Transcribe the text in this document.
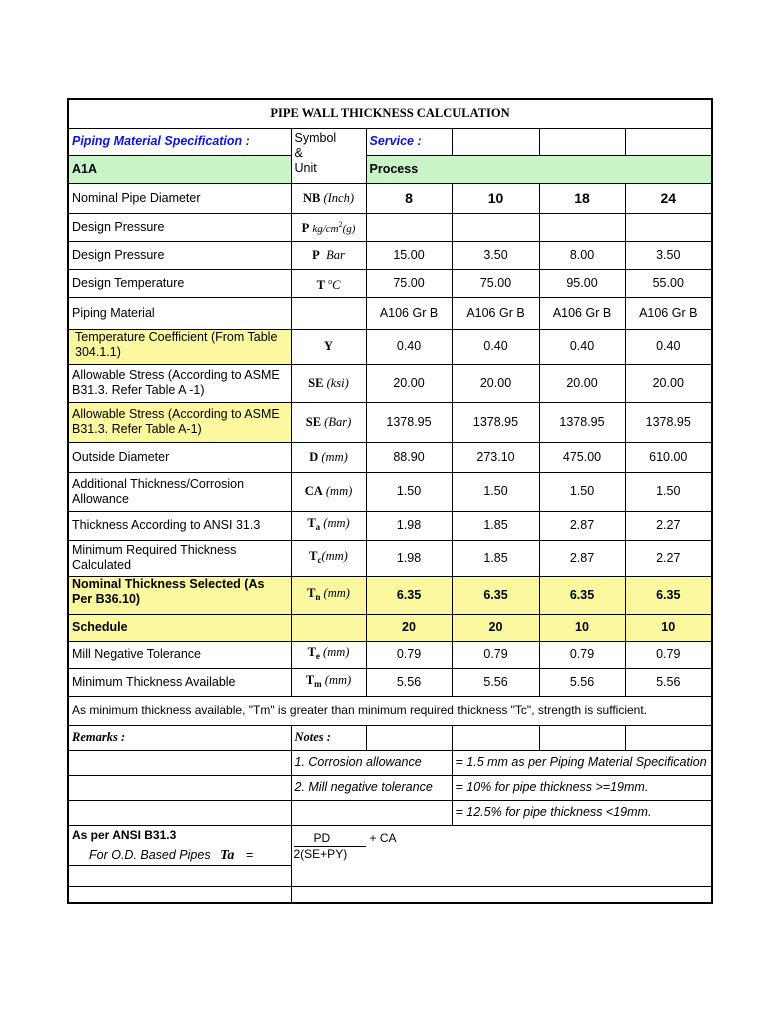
PIPE WALL THICKNESS CALCULATION					
Piping Material Specification :	Symbol
&
Unit	Service :			
A1A		Process			
Nominal Pipe Diameter	NB (Inch)	8	10	18	24
Design Pressure	P $kg/cm^2(g)$				
Design Pressure	P Bar	15.00	3.50	8.00	3.50
Design Temperature	T $^o$C	75.00	75.00	95.00	55.00
Piping Material		A106 Gr B	A106 Gr B	A106 Gr B	A106 Gr B
Temperature Coefficient (From Table 304.1.1)	Y	0.40	0.40	0.40	0.40
Allowable Stress (According to ASME B31.3. Refer Table A -1)	SE (ksi)	20.00	20.00	20.00	20.00
Allowable Stress (According to ASME B31.3. Refer Table A-1)	SE (Bar)	1378.95	1378.95	1378.95	1378.95
Outside Diameter	D (mm)	88.90	273.10	475.00	610.00
Additional Thickness/Corrosion Allowance	CA (mm)	1.50	1.50	1.50	1.50
Thickness According to ANSI 31.3	$T_a$ (mm)	1.98	1.85	2.87	2.27
Minimum Required Thickness Calculated	$T_c(mm)$	1.98	1.85	2.87	2.27
Nominal Thickness Selected (As Per B36.10)	$T_n$ (mm)	6.35	6.35	6.35	6.35
Schedule		20	20	10	10
Mill Negative Tolerance	$T_e$ (mm)	0.79	0.79	0.79	0.79
Minimum Thickness Available	$T_m$ (mm)	5.56	5.56	5.56	5.56
As minimum thickness available, "Tm" is greater than minimum required thickness "Tc", strength is sufficient.					
Remarks :	Notes :				
	1. Corrosion allowance		= 1.5 mm as per Piping Material Specification		
	2. Mill negative tolerance		= 10% for pipe thickness >=19mm.		
			= 12.5% for pipe thickness <19mm.		
As per ANSI B31.3	PD
2(SE+PY)
+ CA				

For O.D. Based Pipes Ta =					
